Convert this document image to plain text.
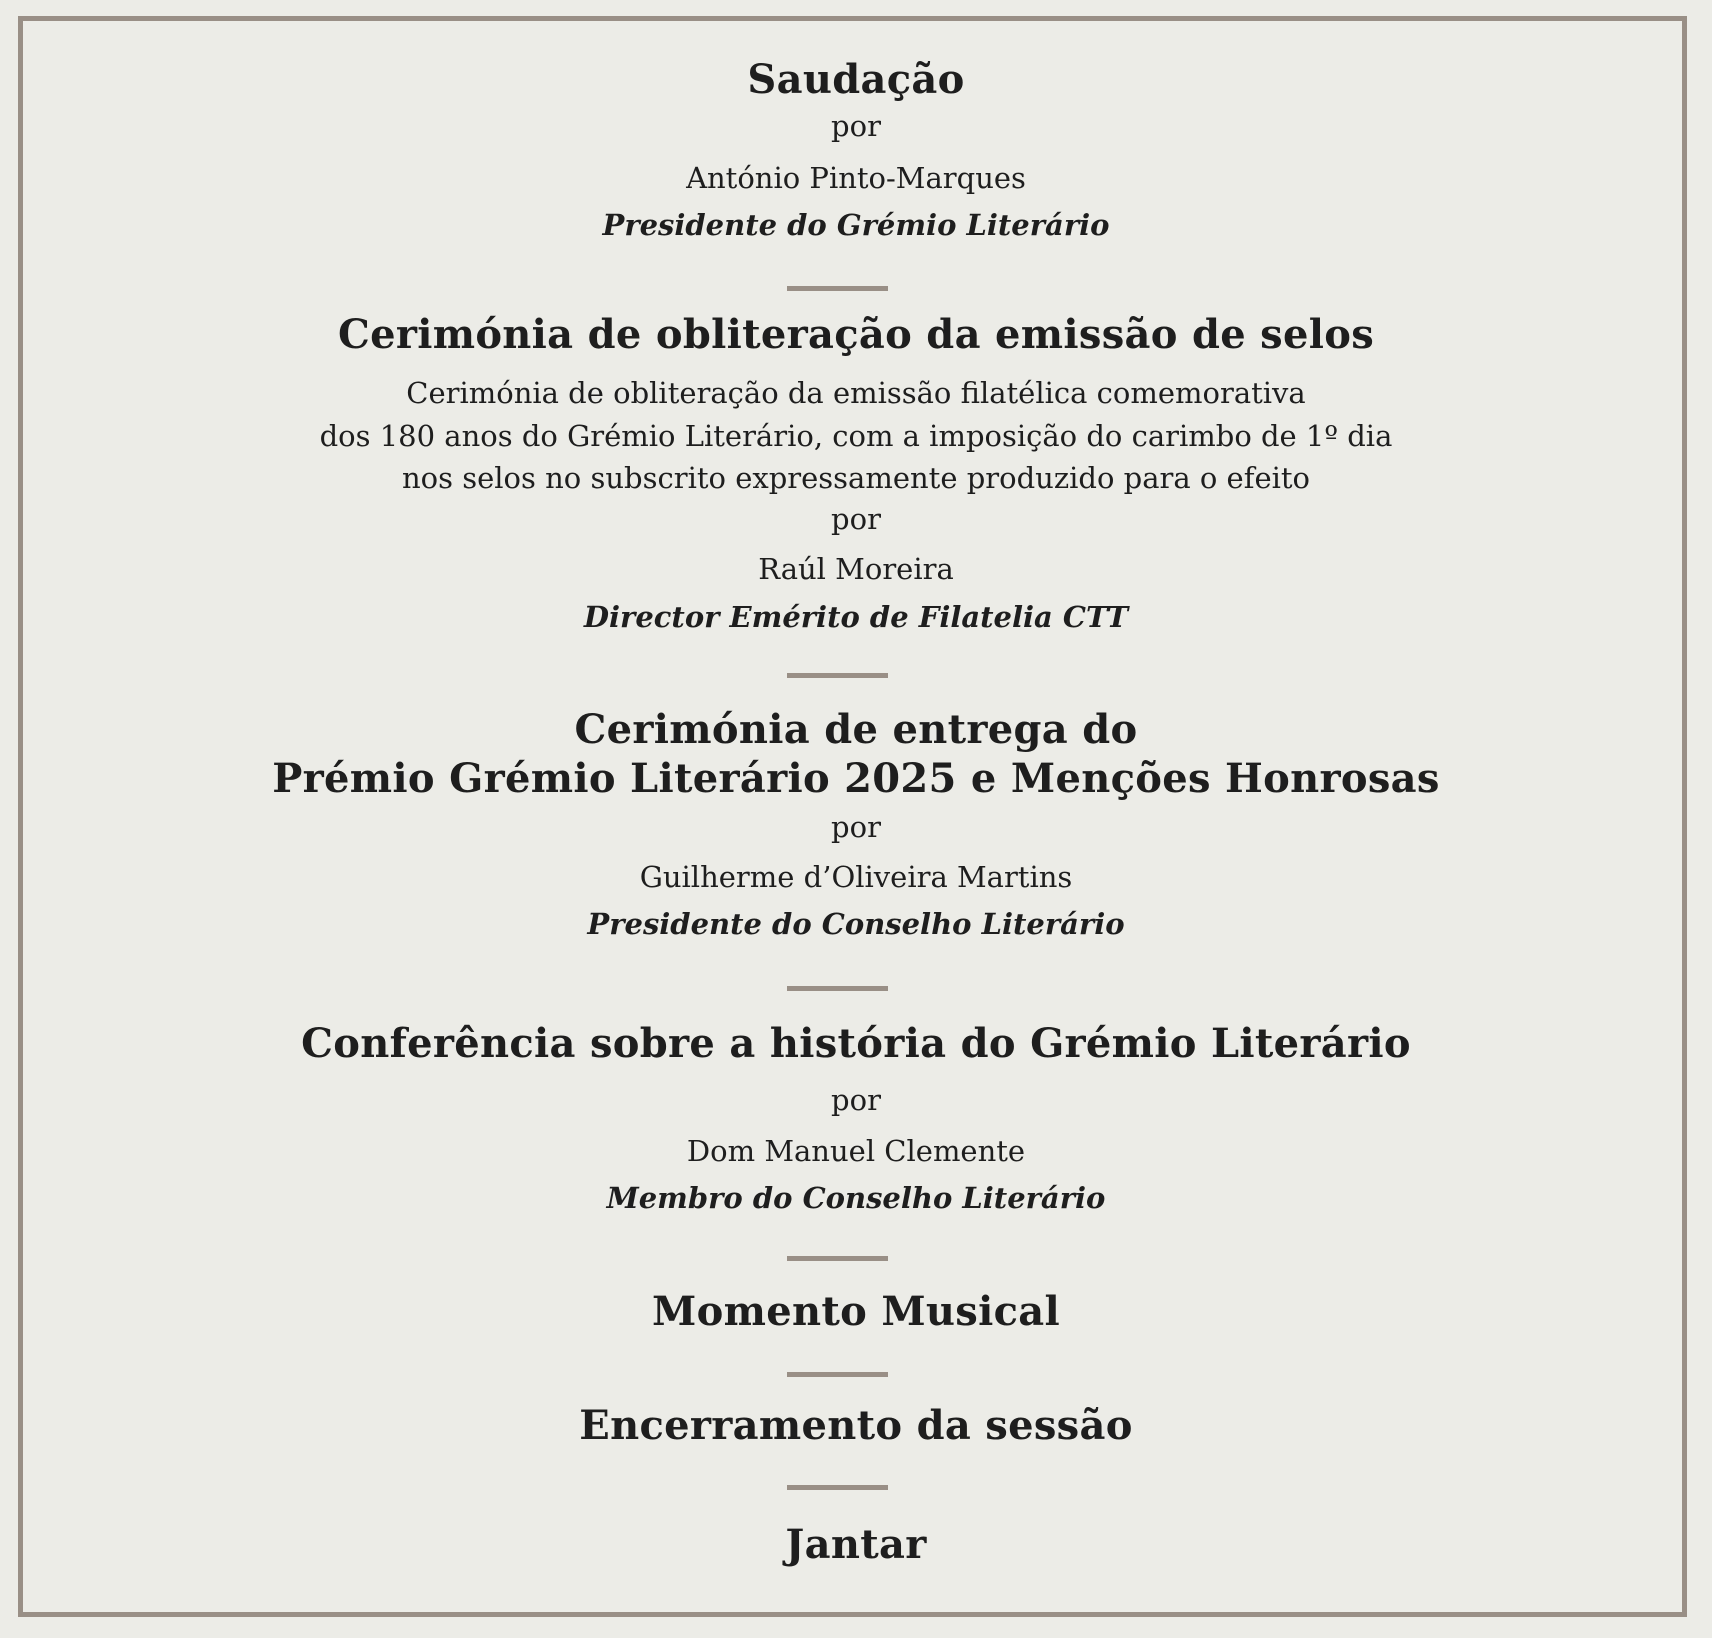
Saudação
por
António Pinto-Marques
Presidente do Grémio Literário
Cerimónia de obliteração da emissão de selos
Cerimónia de obliteração da emissão filatélica comemorativa
dos 180 anos do Grémio Literário, com a imposição do carimbo de 1º dia
nos selos no subscrito expressamente produzido para o efeito
por
Raúl Moreira
Director Emérito de Filatelia CTT
Cerimónia de entrega do
Prémio Grémio Literário 2025 e Menções Honrosas
por
Guilherme d’Oliveira Martins
Presidente do Conselho Literário
Conferência sobre a história do Grémio Literário
por
Dom Manuel Clemente
Membro do Conselho Literário
Momento Musical
Encerramento da sessão
Jantar
